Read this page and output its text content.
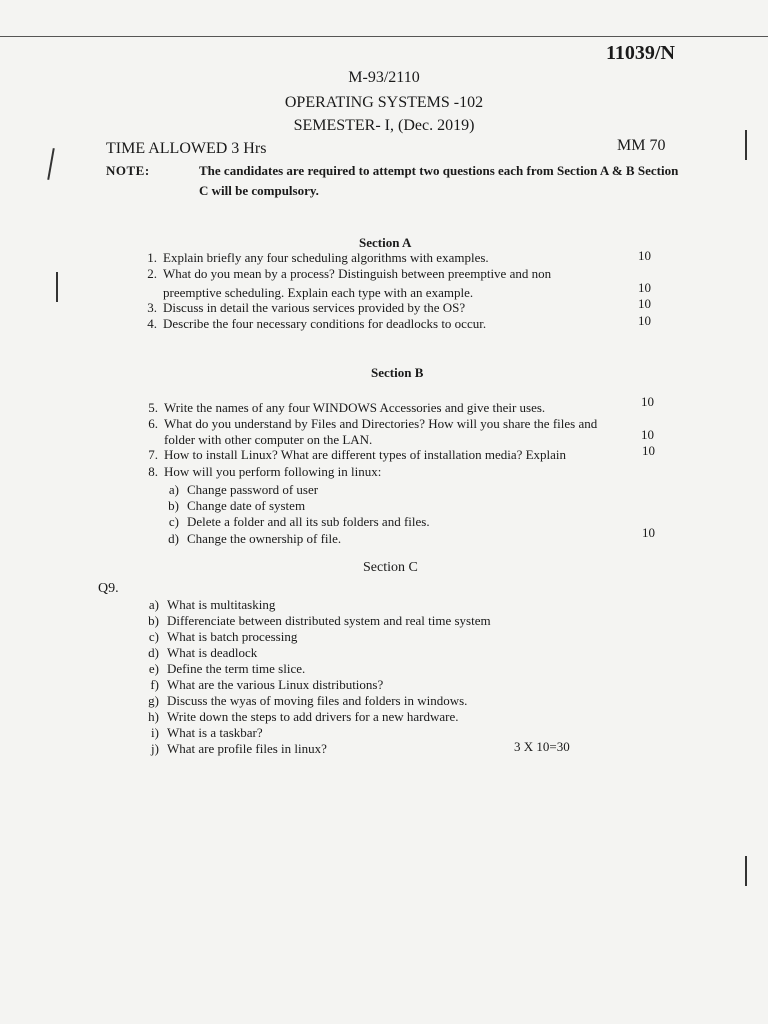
11039/N
M-93/2110
OPERATING SYSTEMS -102
SEMESTER- I, (Dec. 2019)
TIME ALLOWED 3 Hrs	MM 70
NOTE:	The candidates are required to attempt two questions each from Section A & B Section C will be compulsory.
Section A
1. Explain briefly any four scheduling algorithms with examples.	10
2. What do you mean by a process? Distinguish between preemptive and non
preemptive scheduling. Explain each type with an example.	10
3. Discuss in detail the various services provided by the OS?	10
4. Describe the four necessary conditions for deadlocks to occur.	10
Section B
5. Write the names of any four WINDOWS Accessories and give their uses.	10
6. What do you understand by Files and Directories? How will you share the files and
folder with other computer on the LAN.	10
7. How to install Linux? What are different types of installation media? Explain	10
8. How will you perform following in linux:
a) Change password of user
b) Change date of system
c) Delete a folder and all its sub folders and files.
d) Change the ownership of file.	10
Section C
Q9.
a) What is multitasking
b) Differenciate between distributed system and real time system
c) What is batch processing
d) What is deadlock
e) Define the term time slice.
f) What are the various Linux distributions?
g) Discuss the wyas of moving files and folders in windows.
h) Write down the steps to add drivers for a new hardware.
i) What is a taskbar?
j) What are profile files in linux?	3 X 10=30
